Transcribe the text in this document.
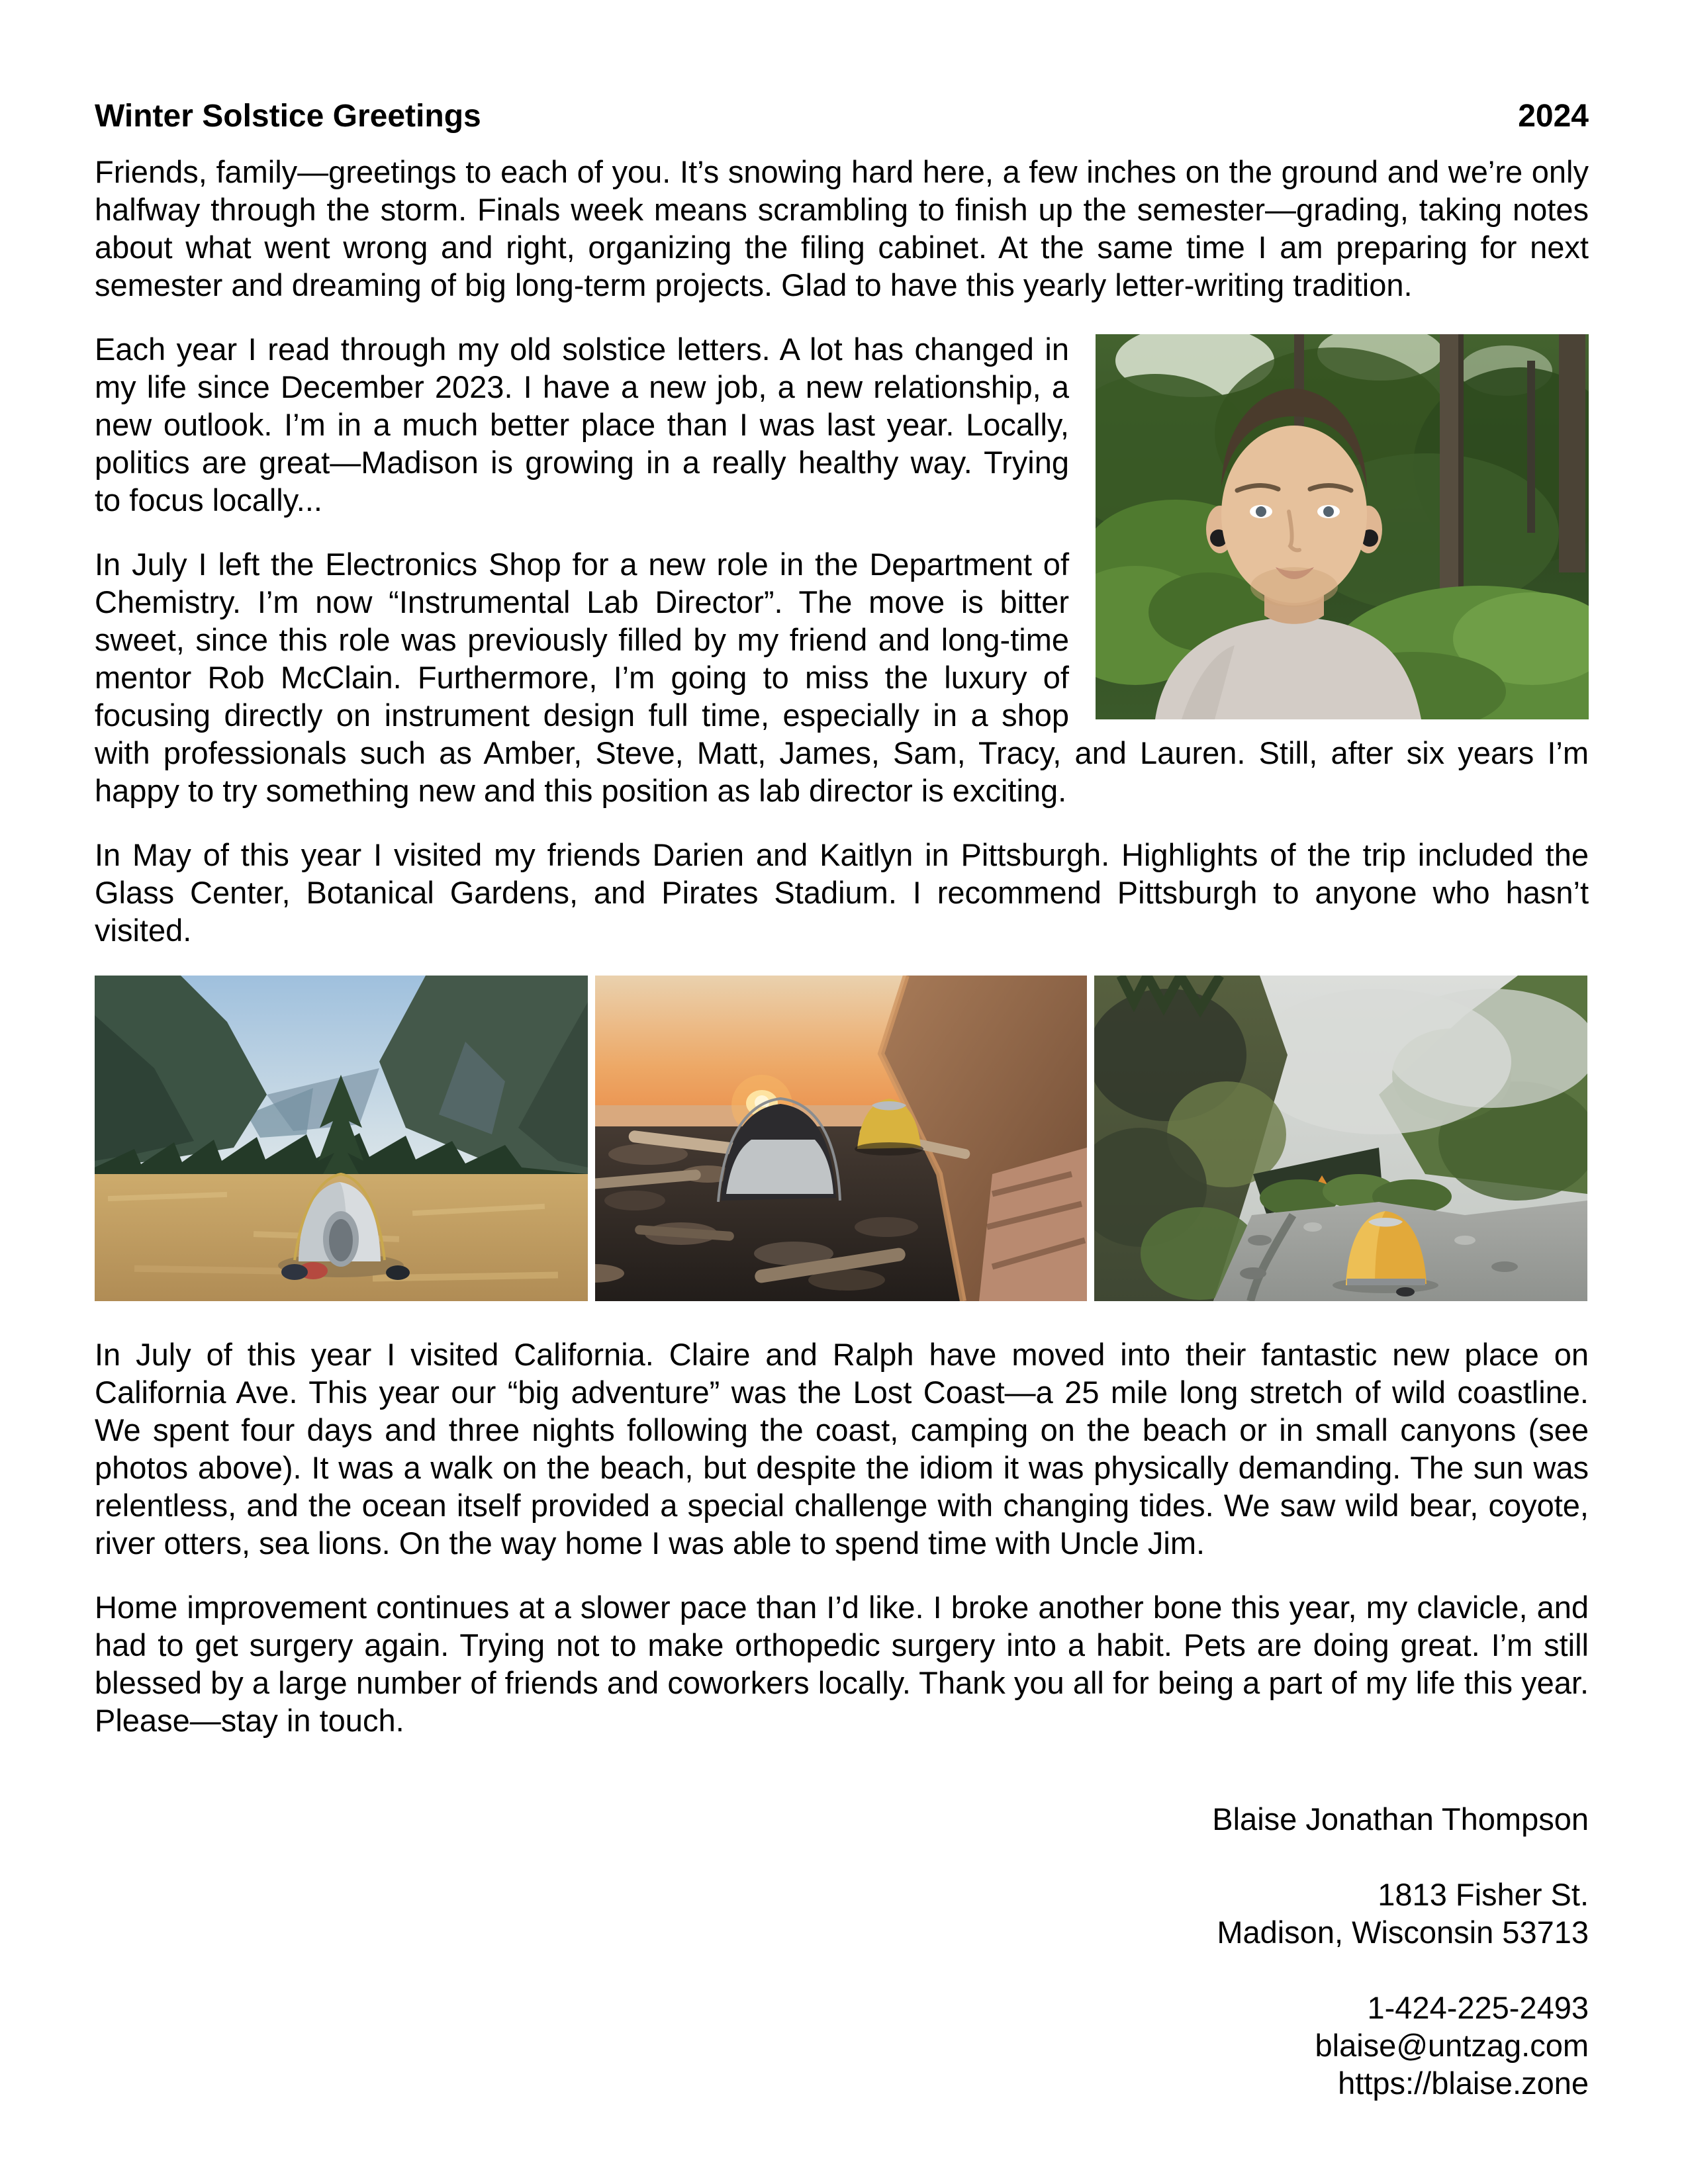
Winter Solstice Greetings	2024

Friends, family—greetings to each of you. It’s snowing hard here, a few inches on the ground and we’re only halfway through the storm. Finals week means scrambling to finish up the semester—grading, taking notes about what went wrong and right, organizing the filing cabinet. At the same time I am preparing for next semester and dreaming of big long-term projects. Glad to have this yearly letter-writing tradition.

Each year I read through my old solstice letters. A lot has changed in my life since December 2023. I have a new job, a new relationship, a new outlook. I’m in a much better place than I was last year. Locally, politics are great—Madison is growing in a really healthy way. Trying to focus locally...

In July I left the Electronics Shop for a new role in the Department of Chemistry. I’m now “Instrumental Lab Director”. The move is bitter sweet, since this role was previously filled by my friend and long-time mentor Rob McClain. Furthermore, I’m going to miss the luxury of focusing directly on instrument design full time, especially in a shop with professionals such as Amber, Steve, Matt, James, Sam, Tracy, and Lauren. Still, after six years I’m happy to try something new and this position as lab director is exciting.

In May of this year I visited my friends Darien and Kaitlyn in Pittsburgh. Highlights of the trip included the Glass Center, Botanical Gardens, and Pirates Stadium. I recommend Pittsburgh to anyone who hasn’t visited.

In July of this year I visited California. Claire and Ralph have moved into their fantastic new place on California Ave. This year our “big adventure” was the Lost Coast—a 25 mile long stretch of wild coastline. We spent four days and three nights following the coast, camping on the beach or in small canyons (see photos above). It was a walk on the beach, but despite the idiom it was physically demanding. The sun was relentless, and the ocean itself provided a special challenge with changing tides. We saw wild bear, coyote, river otters, sea lions. On the way home I was able to spend time with Uncle Jim.

Home improvement continues at a slower pace than I’d like. I broke another bone this year, my clavicle, and had to get surgery again. Trying not to make orthopedic surgery into a habit. Pets are doing great. I’m still blessed by a large number of friends and coworkers locally. Thank you all for being a part of my life this year. Please—stay in touch.

Blaise Jonathan Thompson
1813 Fisher St.
Madison, Wisconsin 53713
1-424-225-2493
blaise@untzag.com
https://blaise.zone
